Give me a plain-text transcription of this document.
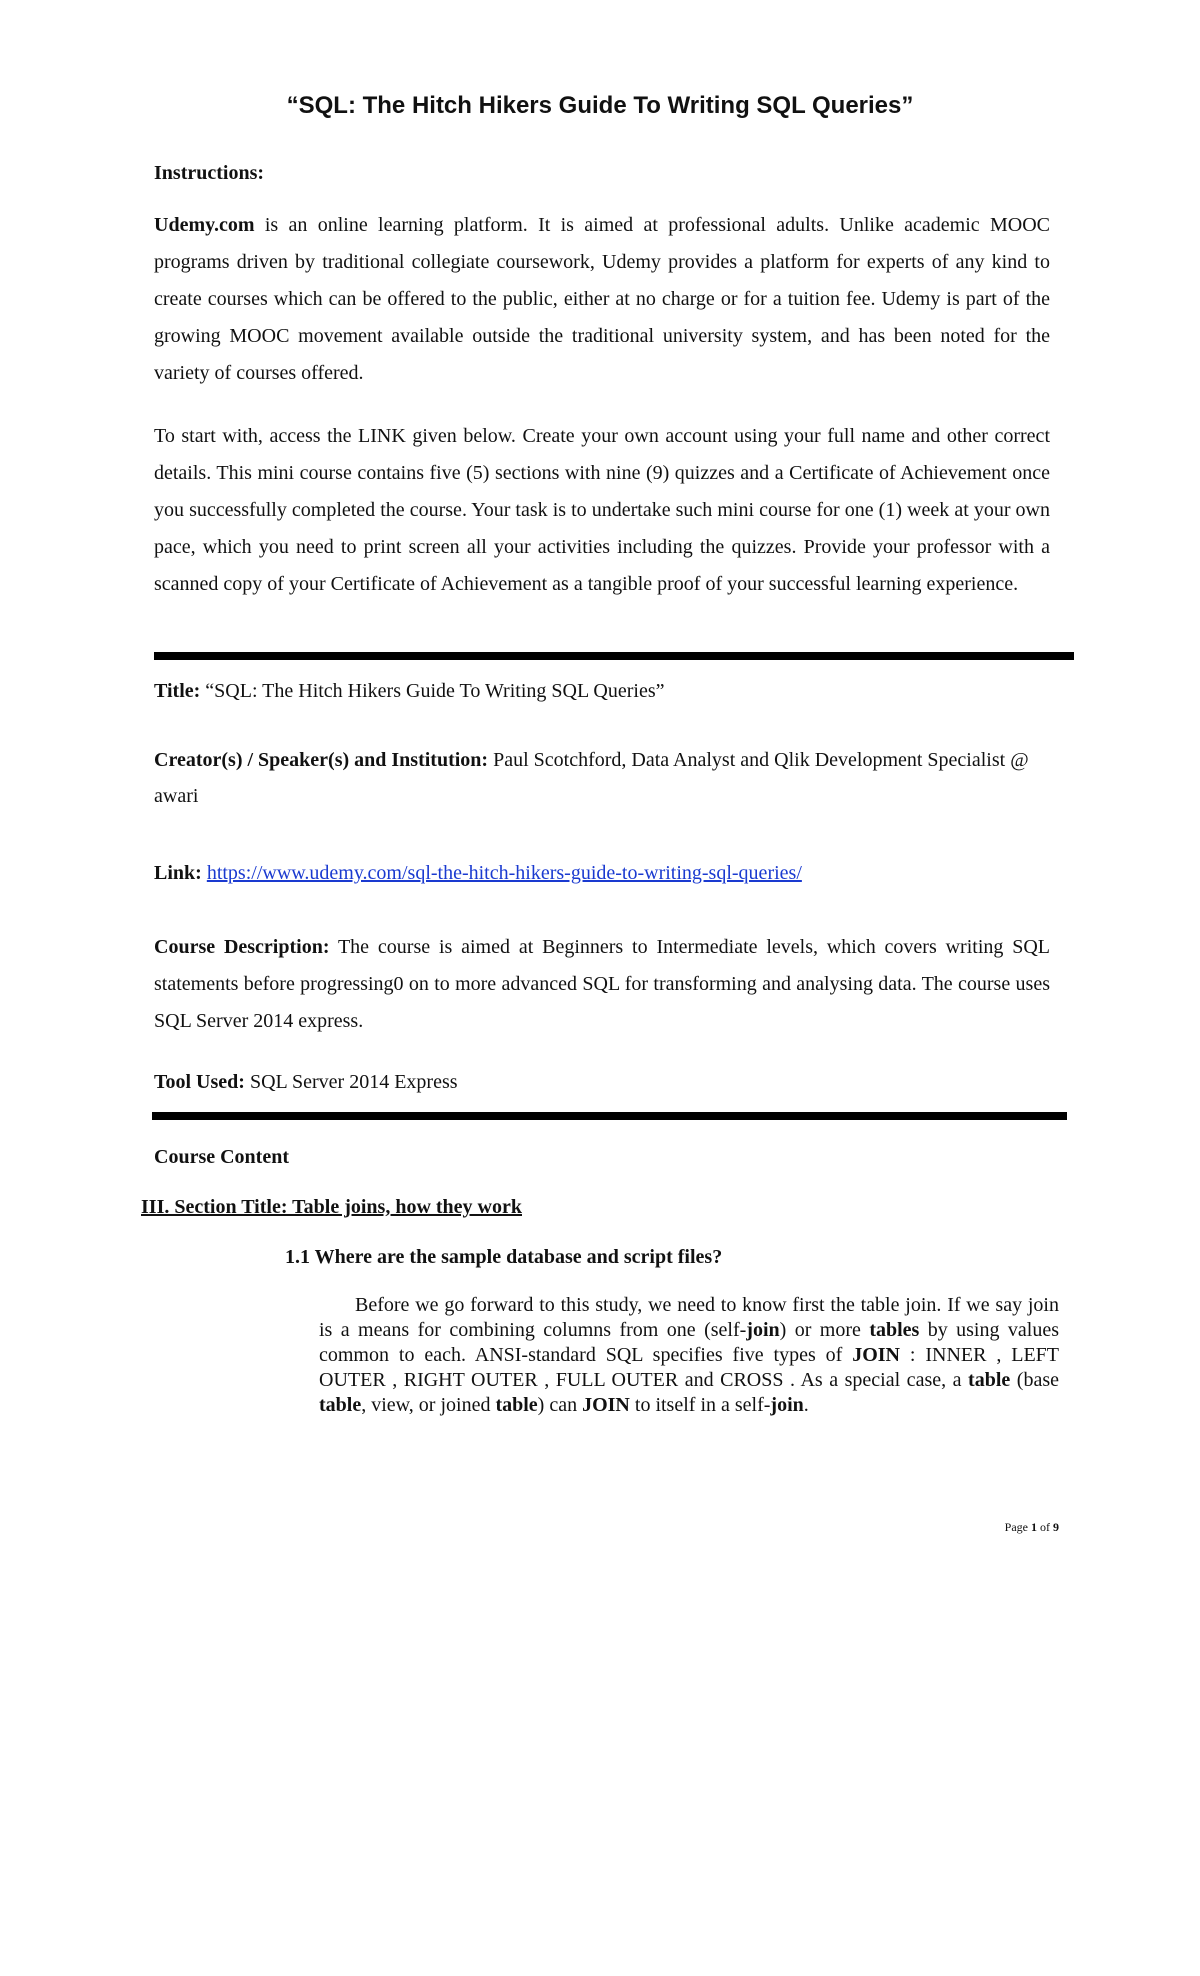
“SQL: The Hitch Hikers Guide To Writing SQL Queries”

Instructions:

Udemy.com is an online learning platform. It is aimed at professional adults. Unlike academic MOOC programs driven by traditional collegiate coursework, Udemy provides a platform for experts of any kind to create courses which can be offered to the public, either at no charge or for a tuition fee. Udemy is part of the growing MOOC movement available outside the traditional university system, and has been noted for the variety of courses offered.

To start with, access the LINK given below. Create your own account using your full name and other correct details. This mini course contains five (5) sections with nine (9) quizzes and a Certificate of Achievement once you successfully completed the course. Your task is to undertake such mini course for one (1) week at your own pace, which you need to print screen all your activities including the quizzes. Provide your professor with a scanned copy of your Certificate of Achievement as a tangible proof of your successful learning experience.

Title: “SQL: The Hitch Hikers Guide To Writing SQL Queries”

Creator(s) / Speaker(s) and Institution: Paul Scotchford, Data Analyst and Qlik Development Specialist @ awari

Link: https://www.udemy.com/sql-the-hitch-hikers-guide-to-writing-sql-queries/

Course Description: The course is aimed at Beginners to Intermediate levels, which covers writing SQL statements before progressing0 on to more advanced SQL for transforming and analysing data. The course uses SQL Server 2014 express.

Tool Used: SQL Server 2014 Express

Course Content

III. Section Title: Table joins, how they work

1.1 Where are the sample database and script files?

Before we go forward to this study, we need to know first the table join. If we say join is a means for combining columns from one (self-join) or more tables by using values common to each. ANSI-standard SQL specifies five types of JOIN : INNER , LEFT OUTER , RIGHT OUTER , FULL OUTER and CROSS . As a special case, a table (base table, view, or joined table) can JOIN to itself in a self-join.

Page 1 of 9
